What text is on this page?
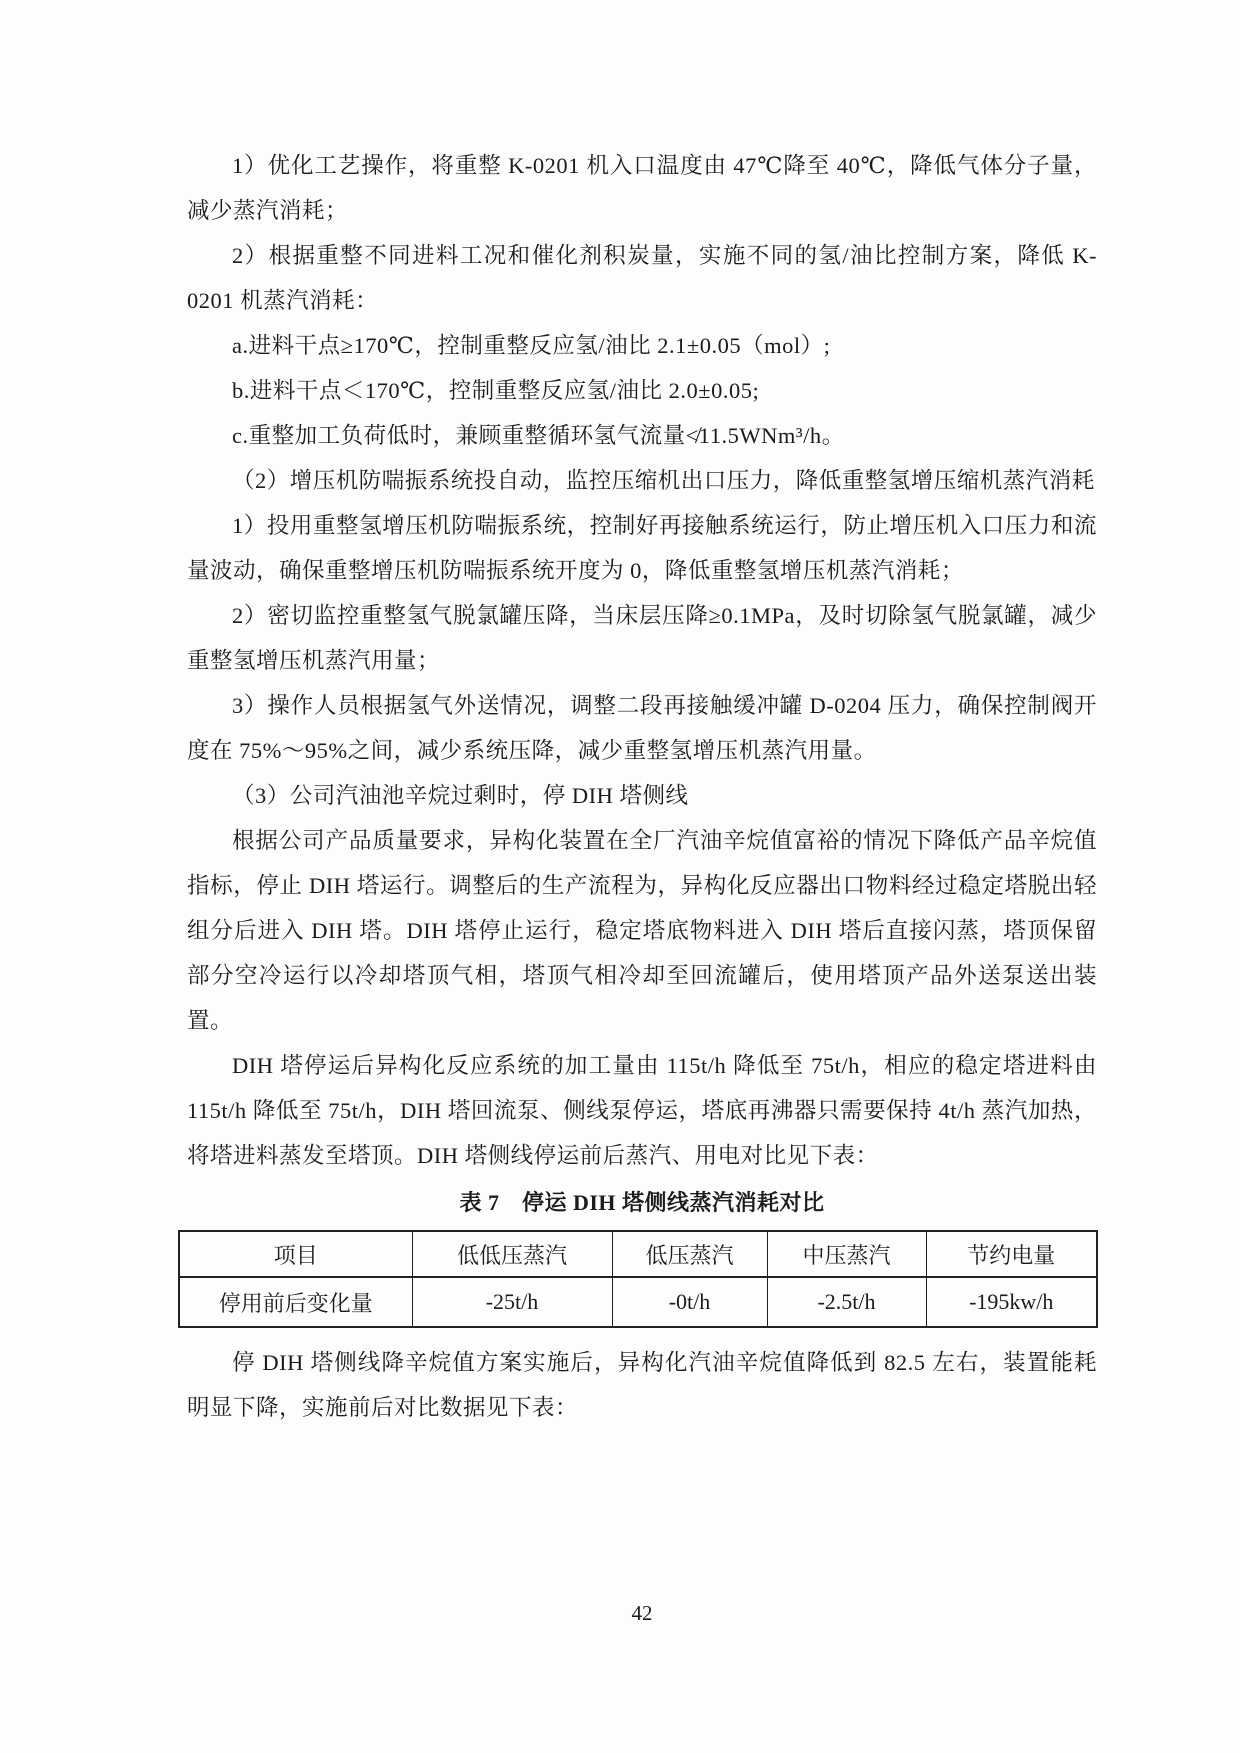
1）优化工艺操作，将重整 K-0201 机入口温度由 47℃降至 40℃，降低气体分子量，减少蒸汽消耗；

2）根据重整不同进料工况和催化剂积炭量，实施不同的氢/油比控制方案，降低 K-0201 机蒸汽消耗：

a.进料干点≥170℃，控制重整反应氢/油比 2.1±0.05（mol）;

b.进料干点＜170℃，控制重整反应氢/油比 2.0±0.05;

c.重整加工负荷低时，兼顾重整循环氢气流量≮11.5WNm³/h。

（2）增压机防喘振系统投自动，监控压缩机出口压力，降低重整氢增压缩机蒸汽消耗

1）投用重整氢增压机防喘振系统，控制好再接触系统运行，防止增压机入口压力和流量波动，确保重整增压机防喘振系统开度为 0，降低重整氢增压机蒸汽消耗；

2）密切监控重整氢气脱氯罐压降，当床层压降≥0.1MPa，及时切除氢气脱氯罐，减少重整氢增压机蒸汽用量；

3）操作人员根据氢气外送情况，调整二段再接触缓冲罐 D-0204 压力，确保控制阀开度在 75%～95%之间，减少系统压降，减少重整氢增压机蒸汽用量。

（3）公司汽油池辛烷过剩时，停 DIH 塔侧线

根据公司产品质量要求，异构化装置在全厂汽油辛烷值富裕的情况下降低产品辛烷值指标，停止 DIH 塔运行。调整后的生产流程为，异构化反应器出口物料经过稳定塔脱出轻组分后进入 DIH 塔。DIH 塔停止运行，稳定塔底物料进入 DIH 塔后直接闪蒸，塔顶保留部分空冷运行以冷却塔顶气相，塔顶气相冷却至回流罐后，使用塔顶产品外送泵送出装置。

DIH 塔停运后异构化反应系统的加工量由 115t/h 降低至 75t/h，相应的稳定塔进料由 115t/h 降低至 75t/h，DIH 塔回流泵、侧线泵停运，塔底再沸器只需要保持 4t/h 蒸汽加热，将塔进料蒸发至塔顶。DIH 塔侧线停运前后蒸汽、用电对比见下表：

表 7　停运 DIH 塔侧线蒸汽消耗对比
项目	低低压蒸汽	低压蒸汽	中压蒸汽	节约电量
停用前后变化量	-25t/h	-0t/h	-2.5t/h	-195kw/h

停 DIH 塔侧线降辛烷值方案实施后，异构化汽油辛烷值降低到 82.5 左右，装置能耗明显下降，实施前后对比数据见下表：

42
